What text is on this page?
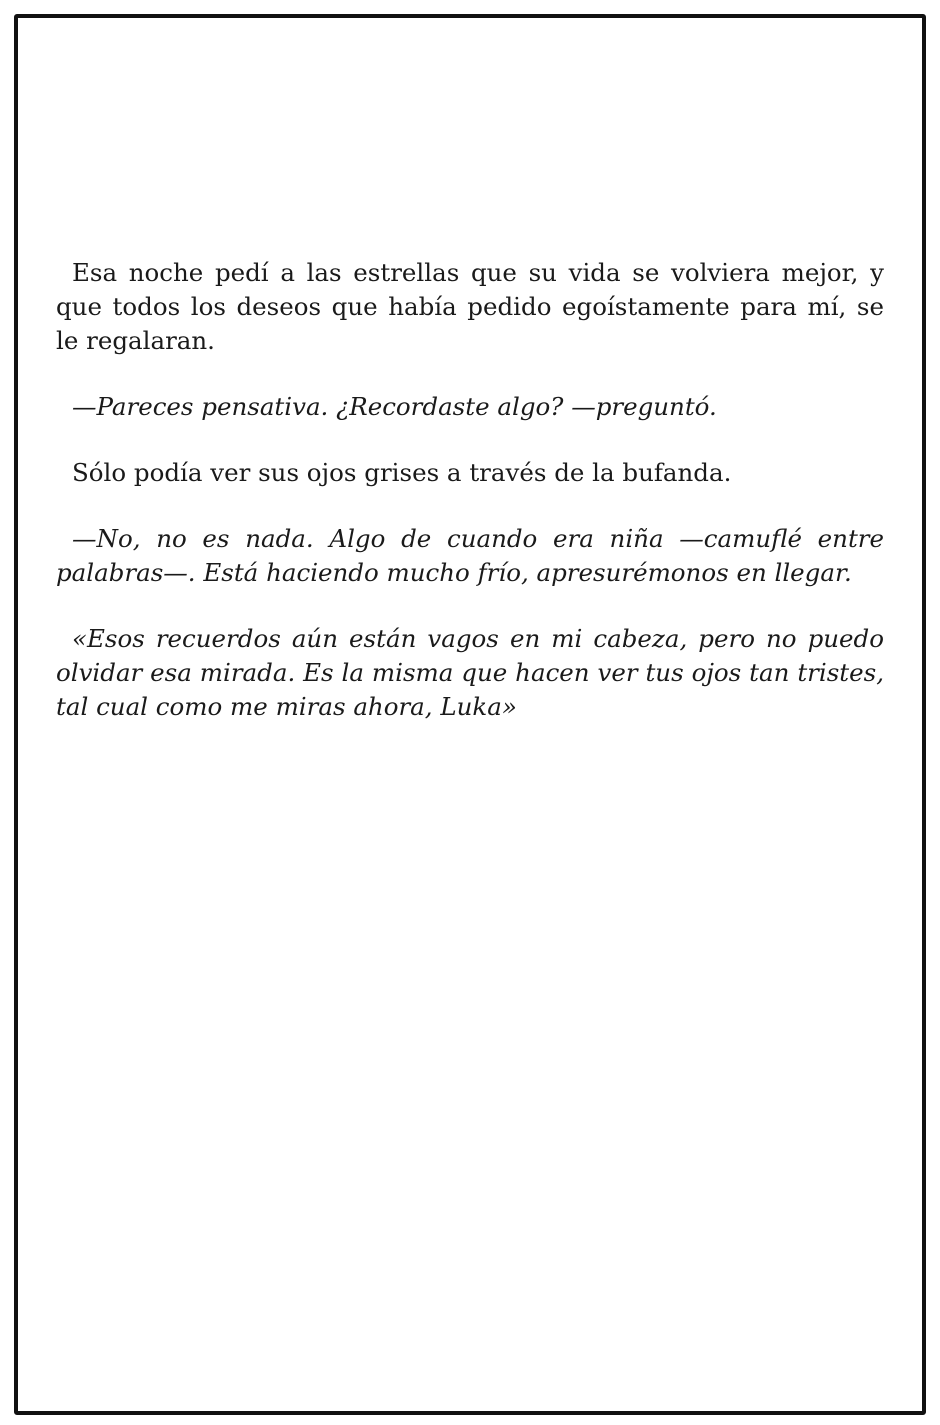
Esa noche pedí a las estrellas que su vida se volviera mejor, y que todos los deseos que había pedido egoístamente para mí, se le regalaran.

—Pareces pensativa. ¿Recordaste algo? —preguntó.

Sólo podía ver sus ojos grises a través de la bufanda.

—No, no es nada. Algo de cuando era niña —camuflé entre palabras—. Está haciendo mucho frío, apresurémonos en llegar.

«Esos recuerdos aún están vagos en mi cabeza, pero no puedo olvidar esa mirada. Es la misma que hacen ver tus ojos tan tristes, tal cual como me miras ahora, Luka»
